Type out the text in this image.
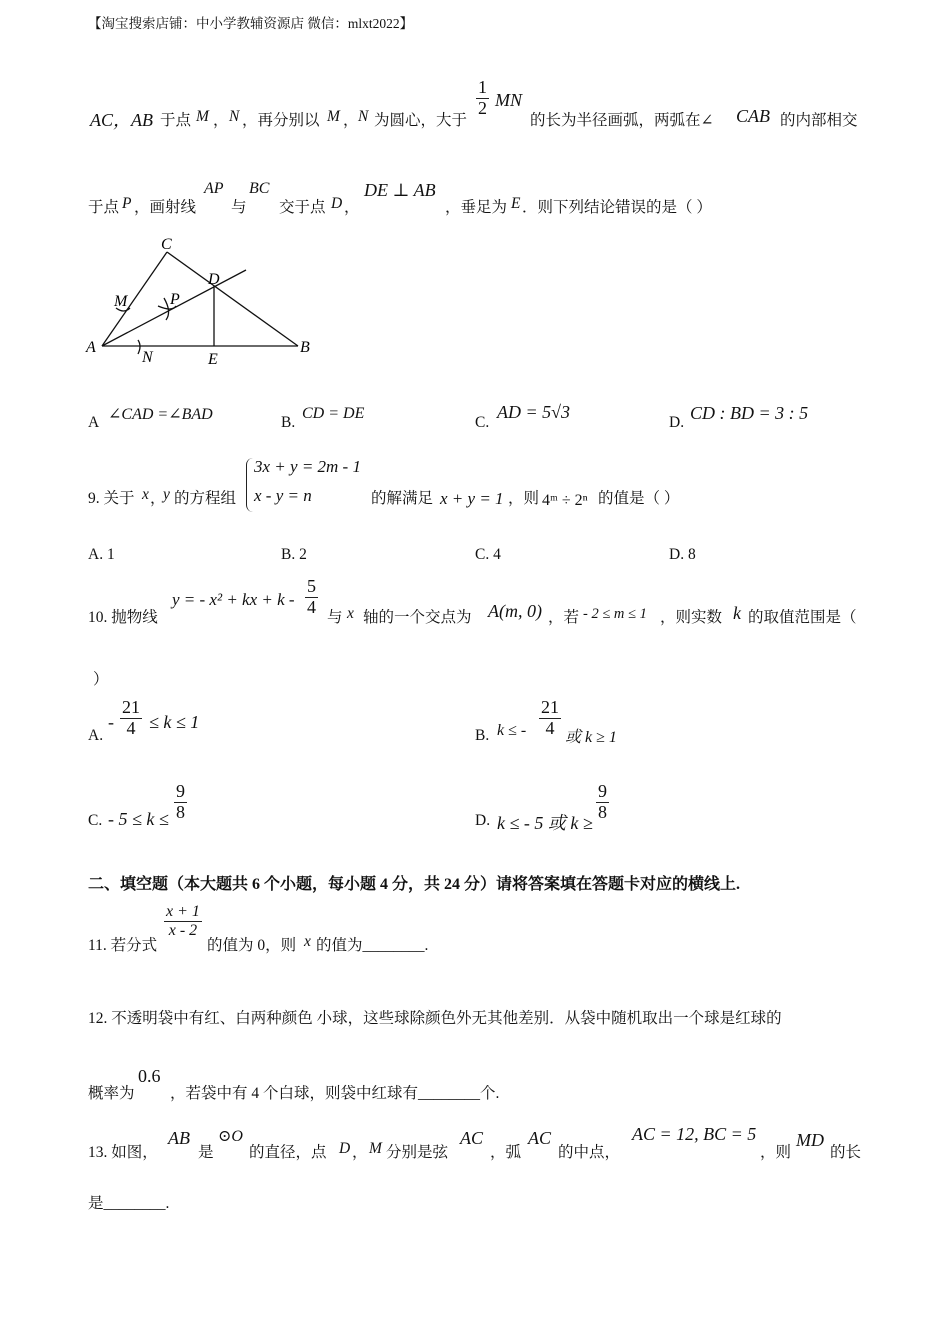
【淘宝搜索店铺：中小学教辅资源店 微信：mlxt2022】
AC，AB 于点 M ， N ，再分别以 M ， N 为圆心，大于
$\frac{1}{2}$ MN
的长为半径画弧，两弧在∠ CAB 的内部相交
于点 P ，画射线
AP
与
BC
交于点 D ，
DE ⊥ AB
，垂足为 E ．则下列结论错误的是（ ）
C
D
M	P
A
N	E
B
A ∠CAD =∠BAD	B.
CD = DE
C.
AD = 5√3
D. CD : BD = 3 : 5
9. 关于 x ，
y 的方程组
3x + y = 2m - 1
x - y = n	的解满足 x + y = 1 ，则 4ᵐ ÷ 2ⁿ 的值是（ ）
A. 1	B. 2	C. 4	D. 8
10. 抛物线
y = - x² + kx + k - $\frac{5}{4}$ 与 x 轴的一个交点为 A(m, 0) ，若 - 2 ≤ m ≤ 1 ，则实数 k 的取值范围是（
）
A.
- $\frac{21}{4} \le k \le 1$
B. k ≤ - $\frac{21}{4}$ 或 k ≥ 1
C. - $5 \le k \le \frac{9}{8}$	D. k ≤ - 5 或 k ≥
$\frac{9}{8}$
二、填空题（本大题共 6 个小题，每小题 4 分，共 24 分）请将答案填在答题卡对应的横线上.
11. 若分式
$\frac{x + 1}{x - 2}$
的值为 0，则 x 的值为________.
12. 不透明袋中有红、白两种颜色 小球，这些球除颜色外无其他差别．从袋中随机取出一个球是红球的
概率为
0.6
，若袋中有 4 个白球，则袋中红球有________个.
13. 如图，
AB
是
⊙O
的直径，点 D ， M 分别是弦
AC
，弧
AC
的中点，
AC = 12, BC = 5
，则
MD
的长
是________.
